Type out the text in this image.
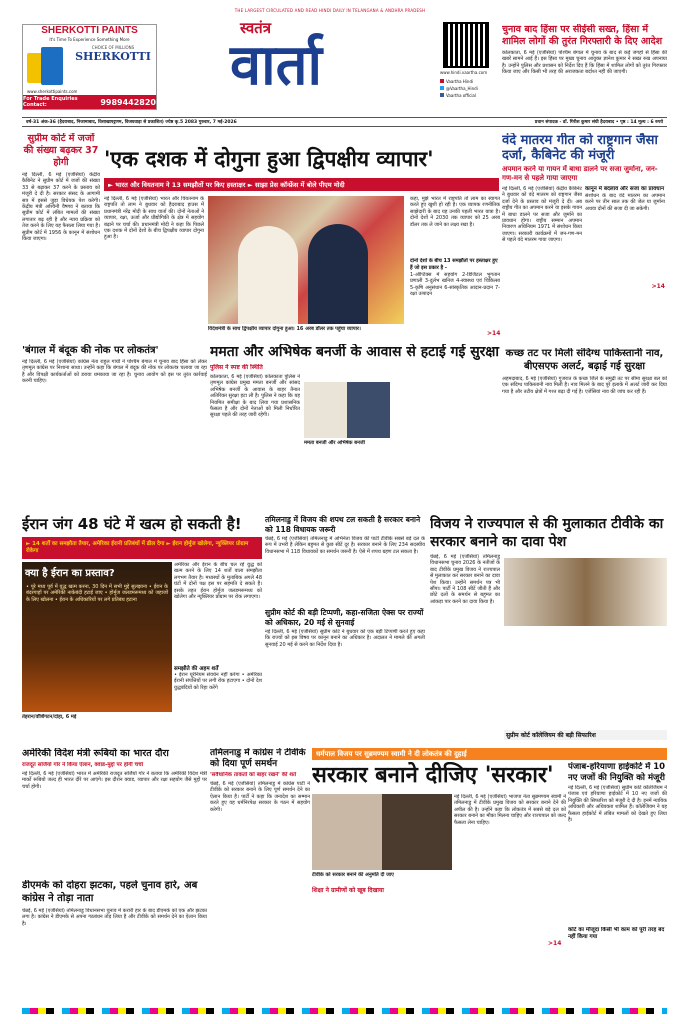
SHERKOTTI PAINTS
It's Time To Experience Something More
CHOICE OF MILLIONS
SHERKOTTI
www.sherkottipaints.com
For Trade Enquiries Contact:	9989442820
THE LARGEST CIRCULATED AND READ HINDI DAILY IN TELANGANA & ANDHRA PRADESH
स्वतंत्र
वार्ता	www.hindi.vaartha.com
Vaartha Hindi
@Vaartha_Hindi
Vaartha official
चुनाव बाद हिंसा पर सीईसी सख्त, हिंसा में शामिल लोगों की तुरंत गिरफ्तारी के दिए आदेश
कोलकाता, 6 मई (एजेंसियां) पश्चिम बंगाल में चुनाव के बाद से कई जगहों से हिंसा की खबरें सामने आई हैं। इस हिंसा पर मुख्य चुनाव आयुक्त ज्ञानेश कुमार ने सख्त रुख अपनाया है। उन्होंने पुलिस और प्रशासन को निर्देश दिए हैं कि हिंसा में शामिल लोगों को तुरंत गिरफ्तार किया जाए और किसी भी तरह की अराजकता बर्दाश्त नहीं की जाएगी।
वर्ष-31 अंक-36 (हैदराबाद, निजामाबाद, विशाखापट्टणम, विजयवाड़ा से प्रकाशित) ज्येष्ठ कृ.5 2083 गुरुवार, 7 मई-2026	प्रधान संपादक - डॉ. गिरीश कुमार संघी हैदराबाद • पृष्ठ : 14 मूल्य : 6 रुपये
सुप्रीम कोर्ट में जजों की संख्या बढ़कर 37 होगी
नई दिल्ली, 6 मई (एजेंसियां) केंद्रीय कैबिनेट ने सुप्रीम कोर्ट में जजों की संख्या 33 से बढ़ाकर 37 करने के प्रस्ताव को मंजूरी दे दी है। सरकार संसद के आगामी सत्र में इससे जुड़ा विधेयक पेश करेगी। केंद्रीय मंत्री अश्विनी वैष्णव ने बताया कि सुप्रीम कोर्ट में लंबित मामलों की संख्या लगातार बढ़ रही है और न्याय प्रक्रिया को तेज करने के लिए यह फैसला लिया गया है। सुप्रीम कोर्ट में 1956 के कानून में संशोधन किया जाएगा।
'एक दशक में दोगुना हुआ द्विपक्षीय व्यापार'
► भारत और वियतनाम ने 13 समझौतों पर किए हस्ताक्षर ► साझा प्रेस कॉन्फ्रेंस में बोले पीएम मोदी
नई दिल्ली, 6 मई (एजेंसियां) भारत और वियतनाम के राष्ट्रपति तो लाम ने बुधवार को हैदराबाद हाउस में प्रधानमंत्री नरेंद्र मोदी के साथ वार्ता की। दोनों नेताओं ने व्यापार, रक्षा, ऊर्जा और प्रौद्योगिकी के क्षेत्र में सहयोग बढ़ाने पर चर्चा की। प्रधानमंत्री मोदी ने कहा कि पिछले एक दशक में दोनों देशों के बीच द्विपक्षीय व्यापार दोगुना हुआ है।
विदेशमंत्री के साथ द्विपक्षीय व्यापार दोगुना हुआ। 16 अरब डॉलर तक पहुंचा व्यापार।
कहा, मुझे भारत में राष्ट्रपति तो लाम का स्वागत करते हुए खुशी हो रही है। एक व्यापक रणनीतिक साझेदारी के बाद यह उनकी पहली भारत यात्रा है। दोनों देशों ने 2030 तक व्यापार को 25 अरब डॉलर तक ले जाने का लक्ष्य रखा है।
दोनों देशों के बीच 13 समझौतों पर हस्ताक्षर हुए हैं जो इस प्रकार है -
1-ऑप्टिक्स में सहयोग 2-डिजिटल भुगतान प्रणाली 3-दुर्लभ खनिज 4-स्वास्थ्य एवं चिकित्सा 5-कृषि अनुसंधान 6-सांस्कृतिक आदान-प्रदान 7-रक्षा उत्पादन
>14
वंदे मातरम गीत को राष्ट्रगान जैसा दर्जा, कैबिनेट की मंजूरी
अपमान करने या गायन में बाधा डालने पर सजा जुर्माना, जन-गण-मन से पहले गाया जाएगा
नई दिल्ली, 6 मई (एजेंसियां) केंद्रीय कैबिनेट ने बुधवार को वंदे मातरम को राष्ट्रगान जैसा दर्जा देने के प्रस्ताव को मंजूरी दे दी। अब राष्ट्रीय गीत का अपमान करने या इसके गायन में बाधा डालने पर सजा और जुर्माने का प्रावधान होगा। राष्ट्रीय सम्मान अपमान निवारण अधिनियम 1971 में संशोधन किया जाएगा। सरकारी कार्यक्रमों में जन-गण-मन से पहले वंदे मातरम गाया जाएगा।
कानून में बदलाव और सजा का प्रावधान
संशोधन के बाद वंदे मातरम का अपमान करने पर तीन साल तक की जेल या जुर्माना अथवा दोनों की सजा दी जा सकेगी।
>14
'बंगाल में बंदूक की नोक पर लोकतंत्र'
नई दिल्ली, 6 मई (एजेंसियां) कांग्रेस नेता राहुल गांधी ने पश्चिम बंगाल में चुनाव बाद हिंसा को लेकर तृणमूल कांग्रेस पर निशाना साधा। उन्होंने कहा कि बंगाल में बंदूक की नोक पर लोकतंत्र चलाया जा रहा है और विपक्षी कार्यकर्ताओं को डराया धमकाया जा रहा है। चुनाव आयोग को इस पर तुरंत कार्रवाई करनी चाहिए।
ममता और अभिषेक बनर्जी के आवास से हटाई गई सुरक्षा
पुलिस ने स्पष्ट की स्थिति
कोलकाता, 6 मई (एजेंसियां) कोलकाता पुलिस ने तृणमूल कांग्रेस प्रमुख ममता बनर्जी और सांसद अभिषेक बनर्जी के आवास के बाहर तैनात अतिरिक्त सुरक्षा हटा ली है। पुलिस ने कहा कि यह नियमित समीक्षा के बाद लिया गया प्रशासनिक फैसला है और दोनों नेताओं को मिली निर्धारित सुरक्षा पहले की तरह जारी रहेगी।
ममता बनर्जी और अभिषेक बनर्जी
कच्छ तट पर मिली संदिग्ध पाकिस्तानी नाव, बीएसएफ अलर्ट, बढ़ाई गई सुरक्षा
अहमदाबाद, 6 मई (एजेंसियां) गुजरात के कच्छ जिले के समुद्री तट पर सीमा सुरक्षा बल को एक संदिग्ध पाकिस्तानी नाव मिली है। नाव मिलने के बाद पूरे इलाके में अलर्ट जारी कर दिया गया है और तटीय क्षेत्रों में गश्त बढ़ा दी गई है। एजेंसियां नाव की जांच कर रही हैं।
ईरान जंग 48 घंटे में खत्म हो सकती है!
► 14 शर्तों का समझौता तैयार, अमेरिका ईरानी प्रतिबंधों में ढील देगा ► ईरान होर्मुज खोलेगा, न्यूक्लियर प्रोग्राम रोकेगा
क्या है ईरान का प्रस्ताव?
• पूरे मध्य पूर्व में युद्ध खत्म करना, 30 दिन में सभी मुद्दे सुलझाना • ईरान के बंदरगाहों पर अमेरिकी नाकेबंदी हटाई जाए • होर्मुज जलडमरूमध्य को जहाजों के लिए खोलना • ईरान के अधिकारियों पर लगे प्रतिबंध हटाना
तेहरान/वॉशिंगटन/दोहा, 6 मई
अमेरिका और ईरान के बीच चल रहे युद्ध को खत्म करने के लिए 14 शर्तों वाला समझौता लगभग तैयार है। मध्यस्थों के मुताबिक अगले 48 घंटों में दोनों पक्ष इस पर सहमति दे सकते हैं। इसके तहत ईरान होर्मुज जलडमरूमध्य को खोलेगा और न्यूक्लियर प्रोग्राम पर रोक लगाएगा।
समझौते की अहम शर्तें
• ईरान यूरेनियम संवर्धन नहीं करेगा • अमेरिका ईरानी संपत्तियों पर लगी रोक हटाएगा • दोनों देश युद्धबंदियों को रिहा करेंगे
तमिलनाडु में विजय की शपथ टल सकती है सरकार बनाने को 118 विधायक जरूरी
चेन्नई, 6 मई (एजेंसियां) तमिलनाडु में अभिनेता विजय की पार्टी टीवीके सबसे बड़े दल के रूप में उभरी है लेकिन बहुमत से कुछ सीटें दूर है। सरकार बनाने के लिए 234 सदस्यीय विधानसभा में 118 विधायकों का समर्थन जरूरी है। ऐसे में शपथ ग्रहण टल सकता है।
विजय ने राज्यपाल से की मुलाकात टीवीके का सरकार बनाने का दावा पेश
चेन्नई, 6 मई (एजेंसियां) तमिलनाडु विधानसभा चुनाव 2026 के नतीजों के बाद टीवीके प्रमुख विजय ने राज्यपाल से मुलाकात कर सरकार बनाने का दावा पेश किया। उन्होंने समर्थन पत्र भी सौंपा। पार्टी ने 108 सीटें जीती हैं और छोटे दलों के समर्थन से बहुमत का आंकड़ा पार करने का दावा किया है।
सुप्रीम कोर्ट कॉलेजियम की बड़ी सिफारिश
सुप्रीम कोर्ट की बड़ी टिप्पणी, कहा-सजिता ऐक्स पर राज्यों को अधिकार, 20 मई से सुनवाई
नई दिल्ली, 6 मई (एजेंसियां) सुप्रीम कोर्ट ने बुधवार को एक बड़ी टिप्पणी करते हुए कहा कि राज्यों को इस विषय पर कानून बनाने का अधिकार है। अदालत ने मामले की अगली सुनवाई 20 मई से करने का निर्देश दिया है।
अमेरिकी विदेश मंत्री रूबियो का भारत दौरा
राजदूत सर्जियो गोर ने किया ऐलान, क्वाड-मुद्दों पर होगी चर्चा
नई दिल्ली, 6 मई (एजेंसियां) भारत में अमेरिकी राजदूत सर्जियो गोर ने बताया कि अमेरिकी विदेश मंत्री मार्को रूबियो जल्द ही भारत दौरे पर आएंगे। इस दौरान क्वाड, व्यापार और रक्षा सहयोग जैसे मुद्दों पर चर्चा होगी।
तमिलनाडु में कांग्रेस ने टीवीके को दिया पूर्ण समर्थन
'संवैधानिक ताकतों को बाहर रखने' की शर्त
चेन्नई, 6 मई (एजेंसियां) तमिलनाडु में कांग्रेस पार्टी ने टीवीके को सरकार बनाने के लिए पूर्ण समर्थन देने का ऐलान किया है। पार्टी ने कहा कि जनादेश का सम्मान करते हुए वह धर्मनिरपेक्ष सरकार के गठन में सहयोग करेगी।
धर्मपाल विजय पर सुब्रमण्यम स्वामी ने दी लोकतंत्र की दुहाई
सरकार बनाने दीजिए 'सरकार'
टीवीके को सरकार बनाने की अनुमति दी जाए
नई दिल्ली, 6 मई (एजेंसियां) भाजपा नेता सुब्रमण्यम स्वामी ने तमिलनाडु में टीवीके प्रमुख विजय को सरकार बनाने देने की अपील की है। उन्होंने कहा कि लोकतंत्र में सबसे बड़े दल को सरकार बनाने का मौका मिलना चाहिए और राज्यपाल को जल्द फैसला लेना चाहिए।
शिक्षा ने ग्रामीणों को खूब दिखाया
>14
पंजाब-हरियाणा हाईकोर्ट में 10 नए जजों की नियुक्ति को मंजूरी
नई दिल्ली, 6 मई (एजेंसियां) सुप्रीम कोर्ट कॉलेजियम ने पंजाब एवं हरियाणा हाईकोर्ट में 10 नए जजों की नियुक्ति की सिफारिश को मंजूरी दे दी है। इनमें न्यायिक अधिकारी और अधिवक्ता शामिल हैं। कॉलेजियम ने यह फैसला हाईकोर्ट में लंबित मामलों को देखते हुए लिया है।
कोर्ट का मौजूदा किसी भी काम को पूरी तरह बंद नहीं किया गया
डीएमके को दोहरा झटका, पहले चुनाव हारे, अब कांग्रेस ने तोड़ा नाता
चेन्नई, 6 मई (एजेंसियां) तमिलनाडु विधानसभा चुनाव में करारी हार के बाद डीएमके को एक और झटका लगा है। कांग्रेस ने डीएमके से अपना गठबंधन तोड़ लिया है और टीवीके को समर्थन देने का ऐलान किया है।
